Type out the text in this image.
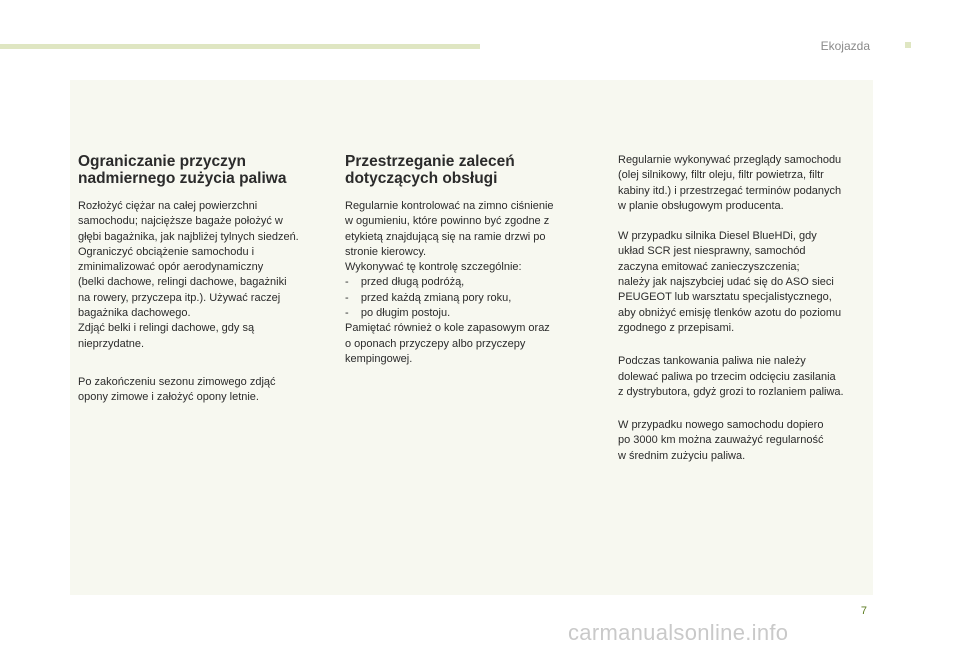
Ekojazda
Ograniczanie przyczyn
nadmiernego zużycia paliwa

Rozłożyć ciężar na całej powierzchni
samochodu; najcięższe bagaże położyć w
głębi bagażnika, jak najbliżej tylnych siedzeń.
Ograniczyć obciążenie samochodu i
zminimalizować opór aerodynamiczny
(belki dachowe, relingi dachowe, bagażniki
na rowery, przyczepa itp.). Używać raczej
bagażnika dachowego.
Zdjąć belki i relingi dachowe, gdy są
nieprzydatne.

Po zakończeniu sezonu zimowego zdjąć
opony zimowe i założyć opony letnie.

Przestrzeganie zaleceń
dotyczących obsługi

Regularnie kontrolować na zimno ciśnienie
w ogumieniu, które powinno być zgodne z
etykietą znajdującą się na ramie drzwi po
stronie kierowcy.
Wykonywać tę kontrolę szczególnie:
-    przed długą podróżą,
-    przed każdą zmianą pory roku,
-    po długim postoju.
Pamiętać również o kole zapasowym oraz
o oponach przyczepy albo przyczepy
kempingowej.

Regularnie wykonywać przeglądy samochodu
(olej silnikowy, filtr oleju, filtr powietrza, filtr
kabiny itd.) i przestrzegać terminów podanych
w planie obsługowym producenta.

W przypadku silnika Diesel BlueHDi, gdy
układ SCR jest niesprawny, samochód
zaczyna emitować zanieczyszczenia;
należy jak najszybciej udać się do ASO sieci
PEUGEOT lub warsztatu specjalistycznego,
aby obniżyć emisję tlenków azotu do poziomu
zgodnego z przepisami.

Podczas tankowania paliwa nie należy
dolewać paliwa po trzecim odcięciu zasilania
z dystrybutora, gdyż grozi to rozlaniem paliwa.

W przypadku nowego samochodu dopiero
po 3000 km można zauważyć regularność
w średnim zużyciu paliwa.

7
carmanualsonline.info
